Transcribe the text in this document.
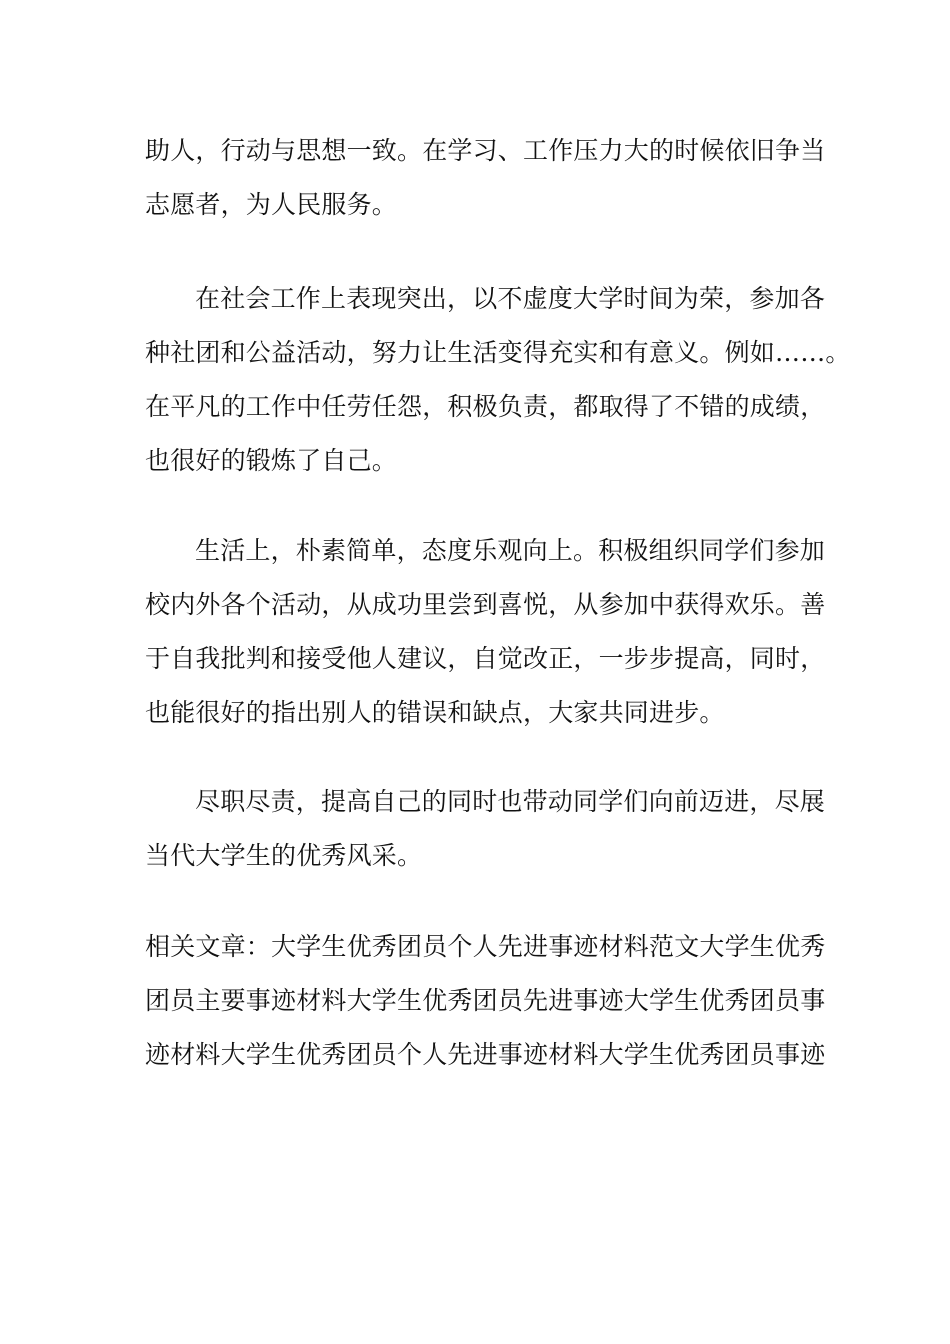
助人，行动与思想一致。在学习、工作压力大的时候依旧争当
志愿者，为人民服务。
在社会工作上表现突出，以不虚度大学时间为荣，参加各
种社团和公益活动，努力让生活变得充实和有意义。例如……。
在平凡的工作中任劳任怨，积极负责，都取得了不错的成绩，
也很好的锻炼了自己。
生活上，朴素简单，态度乐观向上。积极组织同学们参加
校内外各个活动，从成功里尝到喜悦，从参加中获得欢乐。善
于自我批判和接受他人建议，自觉改正，一步步提高，同时，
也能很好的指出别人的错误和缺点，大家共同进步。
尽职尽责，提高自己的同时也带动同学们向前迈进，尽展
当代大学生的优秀风采。
相关文章：大学生优秀团员个人先进事迹材料范文大学生优秀
团员主要事迹材料大学生优秀团员先进事迹大学生优秀团员事
迹材料大学生优秀团员个人先进事迹材料大学生优秀团员事迹
